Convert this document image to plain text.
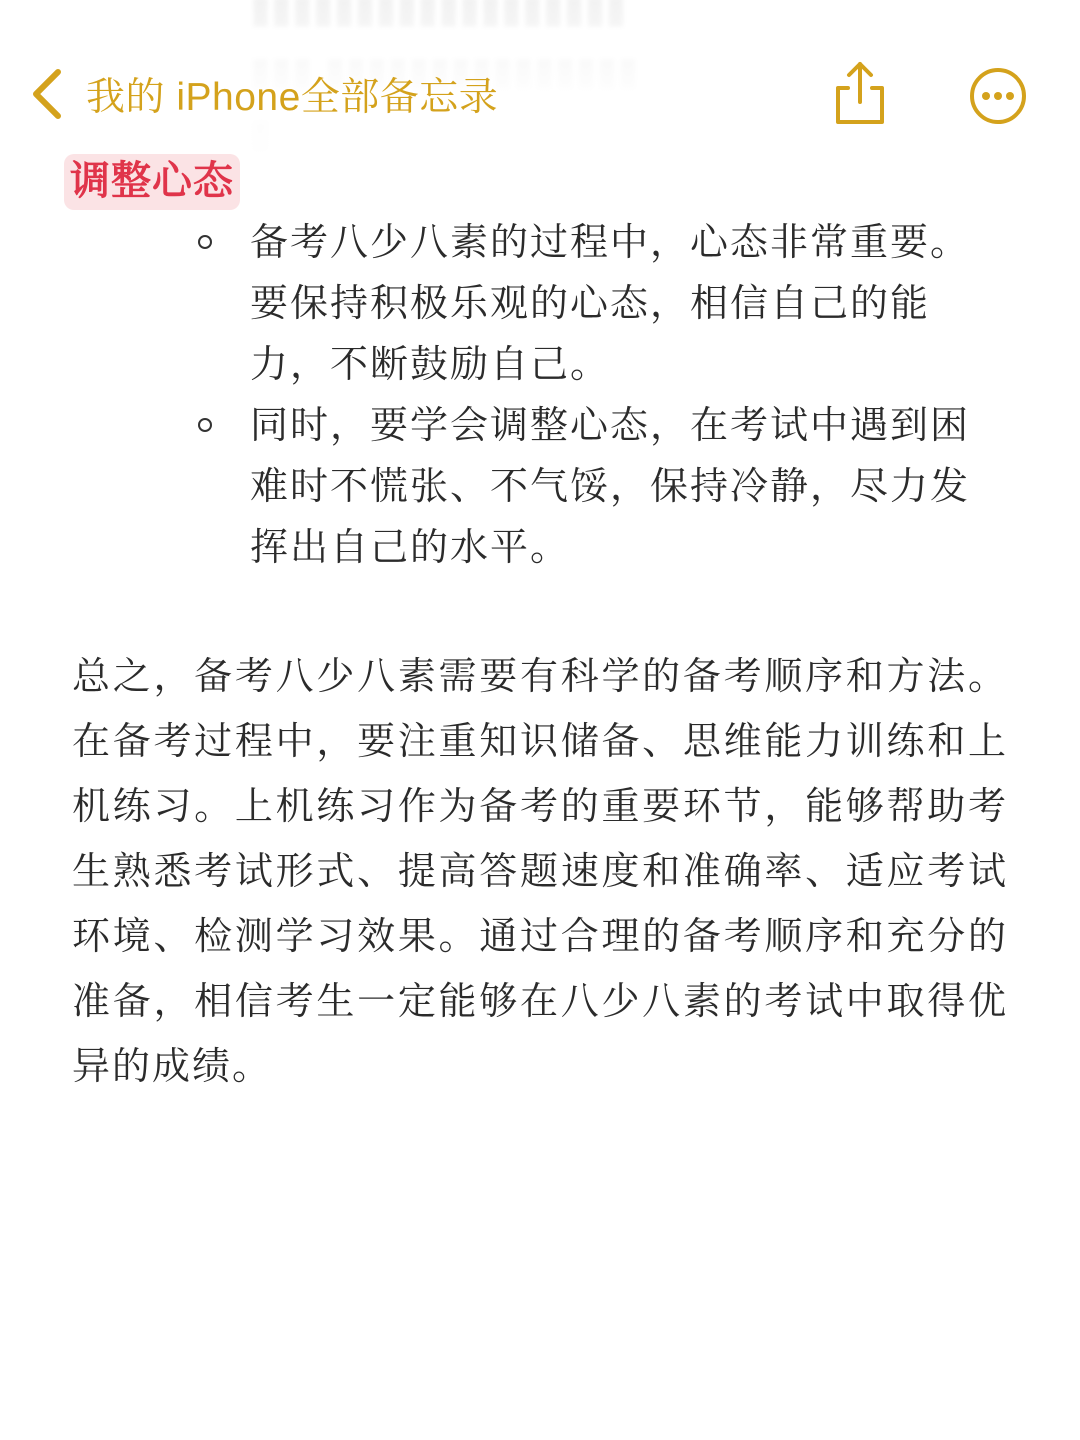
我的 iPhone全部备忘录
调整心态
备考八少八素的过程中，心态非常重要。要保持积极乐观的心态，相信自己的能力，不断鼓励自己。
同时，要学会调整心态，在考试中遇到困难时不慌张、不气馁，保持冷静，尽力发挥出自己的水平。

总之，备考八少八素需要有科学的备考顺序和方法。在备考过程中，要注重知识储备、思维能力训练和上机练习。上机练习作为备考的重要环节，能够帮助考生熟悉考试形式、提高答题速度和准确率、适应考试环境、检测学习效果。通过合理的备考顺序和充分的准备，相信考生一定能够在八少八素的考试中取得优异的成绩。
